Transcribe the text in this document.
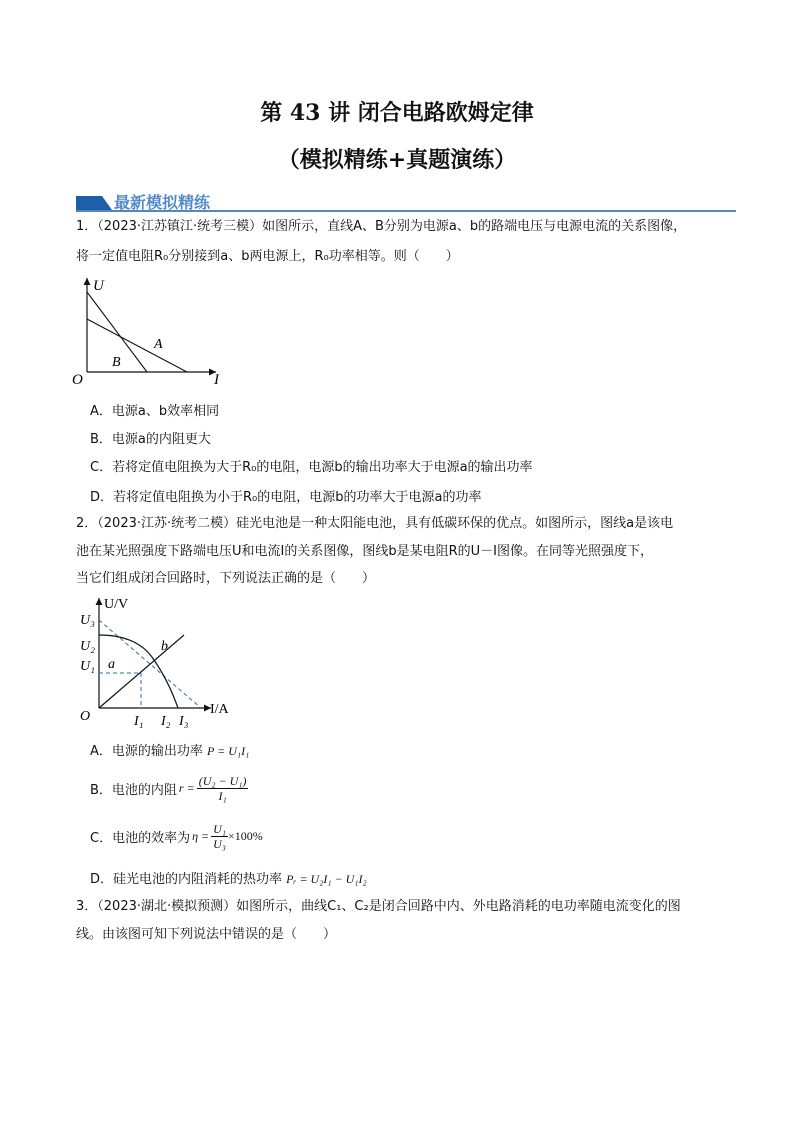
第 43 讲 闭合电路欧姆定律
（模拟精练+真题演练）
最新模拟精练
1．（2023·江苏镇江·统考三模）如图所示，直线A、B分别为电源a、b的路端电压与电源电流的关系图像，
将一定值电阻R₀分别接到a、b两电源上，R₀功率相等。则（　　）
U
I
O
A
B
A．电源a、b效率相同
B．电源a的内阻更大
C．若将定值电阻换为大于R₀的电阻，电源b的输出功率大于电源a的输出功率
D．若将定值电阻换为小于R₀的电阻，电源b的功率大于电源a的功率
2．（2023·江苏·统考二模）硅光电池是一种太阳能电池，具有低碳环保的优点。如图所示，图线a是该电
池在某光照强度下路端电压U和电流I的关系图像，图线b是某电阻R的U－I图像。在同等光照强度下，
当它们组成闭合回路时，下列说法正确的是（　　）
U₃
U₂
U₁
U/V
I/A
O	I₁ I₂ I₃
a
b
A．电源的输出功率 P = U₁I₁
B．电池的内阻 $r = \frac{\text{(U₂ − U₁)}}{\text{I₁}}$
C．电池的效率为 $\eta = \frac{\text{U₁}}{\text{U₃}} \times 100\%$
D．硅光电池的内阻消耗的热功率 Pᵣ = U₂I₁ − U₁I₂
3．（2023·湖北·模拟预测）如图所示，曲线C₁、C₂是闭合回路中内、外电路消耗的电功率随电流变化的图
线。由该图可知下列说法中错误的是（　　）
